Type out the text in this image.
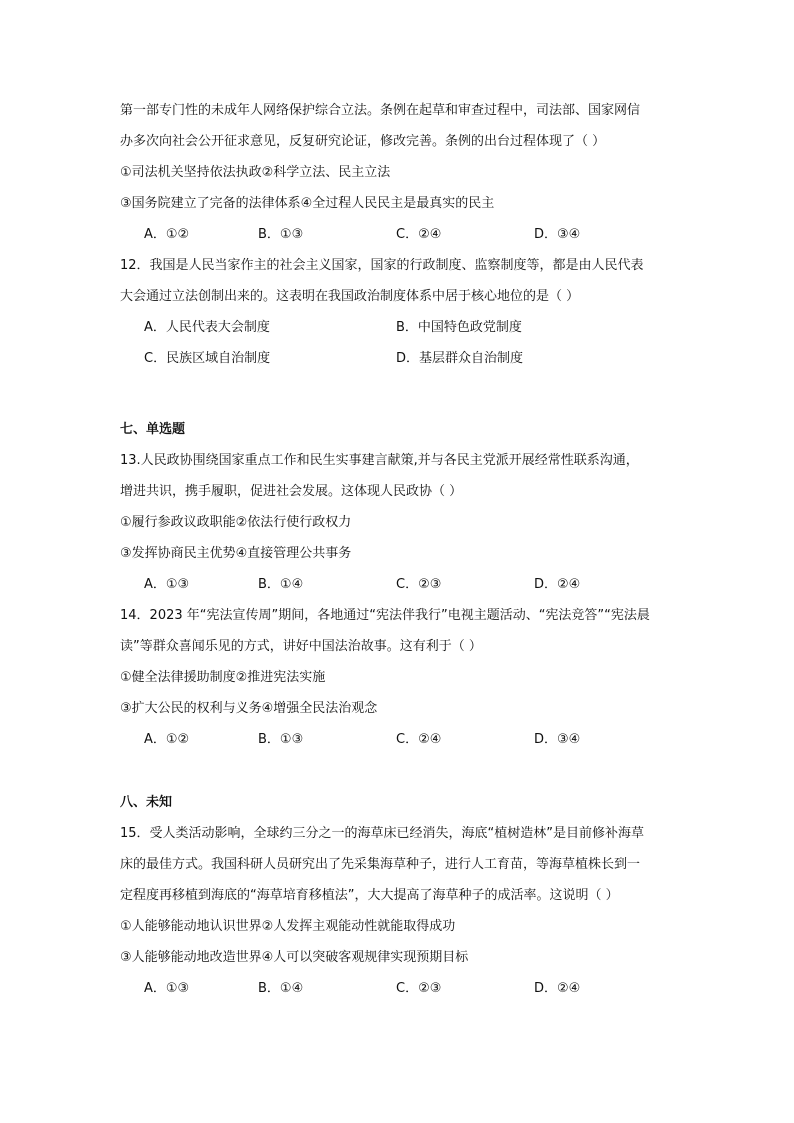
第一部专门性的未成年人网络保护综合立法。条例在起草和审查过程中，司法部、国家网信
办多次向社会公开征求意见，反复研究论证，修改完善。条例的出台过程体现了（ ）
①司法机关坚持依法执政②科学立法、民主立法
③国务院建立了完备的法律体系④全过程人民民主是最真实的民主
A．①②	B．①③	C．②④	D．③④
12．我国是人民当家作主的社会主义国家，国家的行政制度、监察制度等，都是由人民代表
大会通过立法创制出来的。这表明在我国政治制度体系中居于核心地位的是（ ）
A．人民代表大会制度	B．中国特色政党制度
C．民族区域自治制度	D．基层群众自治制度
七、单选题
13.人民政协围绕国家重点工作和民生实事建言献策,并与各民主党派开展经常性联系沟通，
增进共识，携手履职，促进社会发展。这体现人民政协（ ）
①履行参政议政职能②依法行使行政权力
③发挥协商民主优势④直接管理公共事务
A．①③	B．①④	C．②③	D．②④
14．2023 年“宪法宣传周”期间，各地通过“宪法伴我行”电视主题活动、“宪法竞答”“宪法晨
读”等群众喜闻乐见的方式，讲好中国法治故事。这有利于（ ）
①健全法律援助制度②推进宪法实施
③扩大公民的权利与义务④增强全民法治观念
A．①②	B．①③	C．②④	D．③④
八、未知
15．受人类活动影响，全球约三分之一的海草床已经消失，海底“植树造林”是目前修补海草
床的最佳方式。我国科研人员研究出了先采集海草种子，进行人工育苗，等海草植株长到一
定程度再移植到海底的“海草培育移植法”，大大提高了海草种子的成活率。这说明（ ）
①人能够能动地认识世界②人发挥主观能动性就能取得成功
③人能够能动地改造世界④人可以突破客观规律实现预期目标
A．①③	B．①④	C．②③	D．②④
